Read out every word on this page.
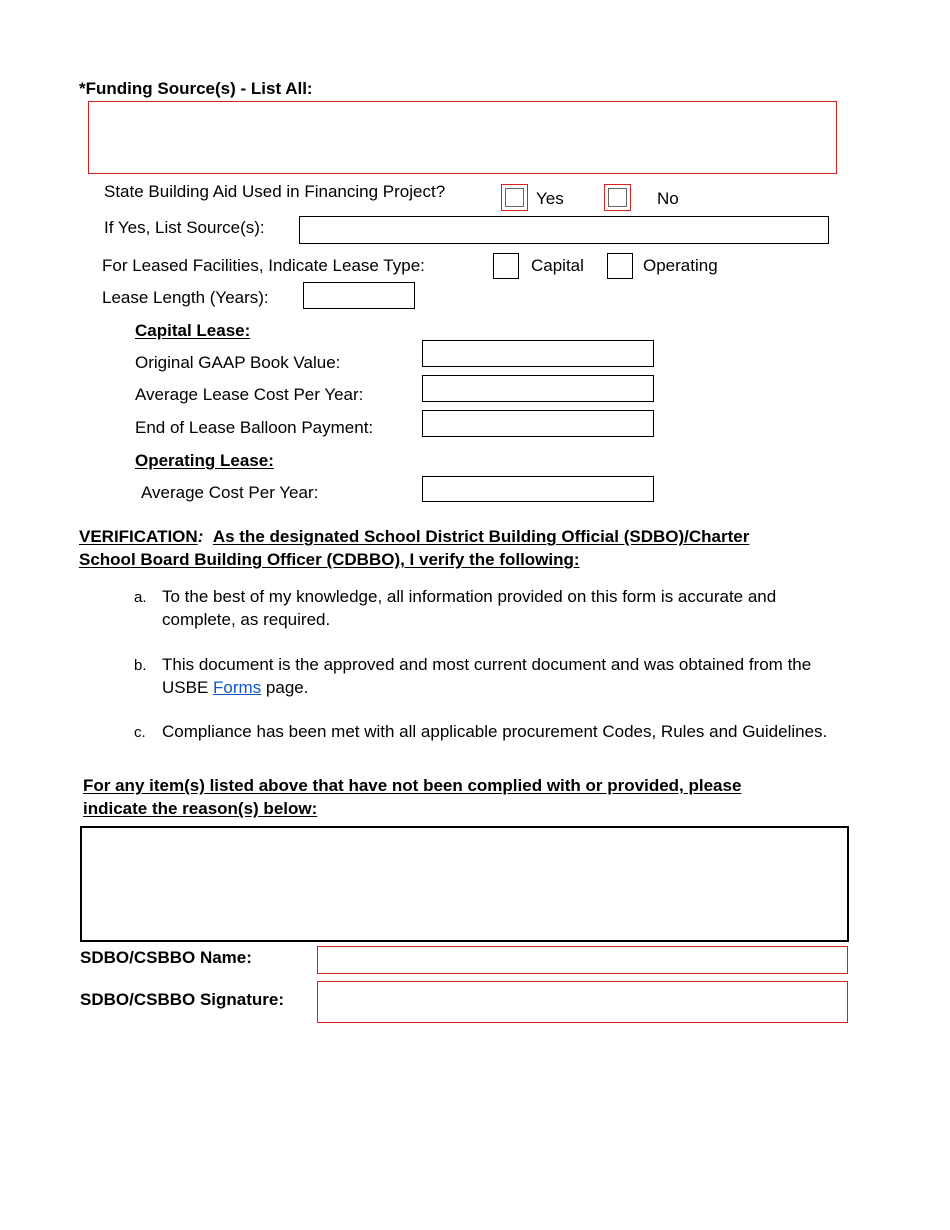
*Funding Source(s) - List All:
State Building Aid Used in Financing Project?	Yes	No
If Yes, List Source(s):
For Leased Facilities, Indicate Lease Type:	Capital	Operating
Lease Length (Years):
Capital Lease:
Original GAAP Book Value:
Average Lease Cost Per Year:
End of Lease Balloon Payment:
Operating Lease:
Average Cost Per Year:
VERIFICATION: As the designated School District Building Official (SDBO)/Charter
School Board Building Officer (CDBBO), I verify the following:
a. To the best of my knowledge, all information provided on this form is accurate and complete, as required.
b. This document is the approved and most current document and was obtained from the USBE Forms page.
c. Compliance has been met with all applicable procurement Codes, Rules and Guidelines.
For any item(s) listed above that have not been complied with or provided, please
indicate the reason(s) below:
SDBO/CSBBO Name:
SDBO/CSBBO Signature:
